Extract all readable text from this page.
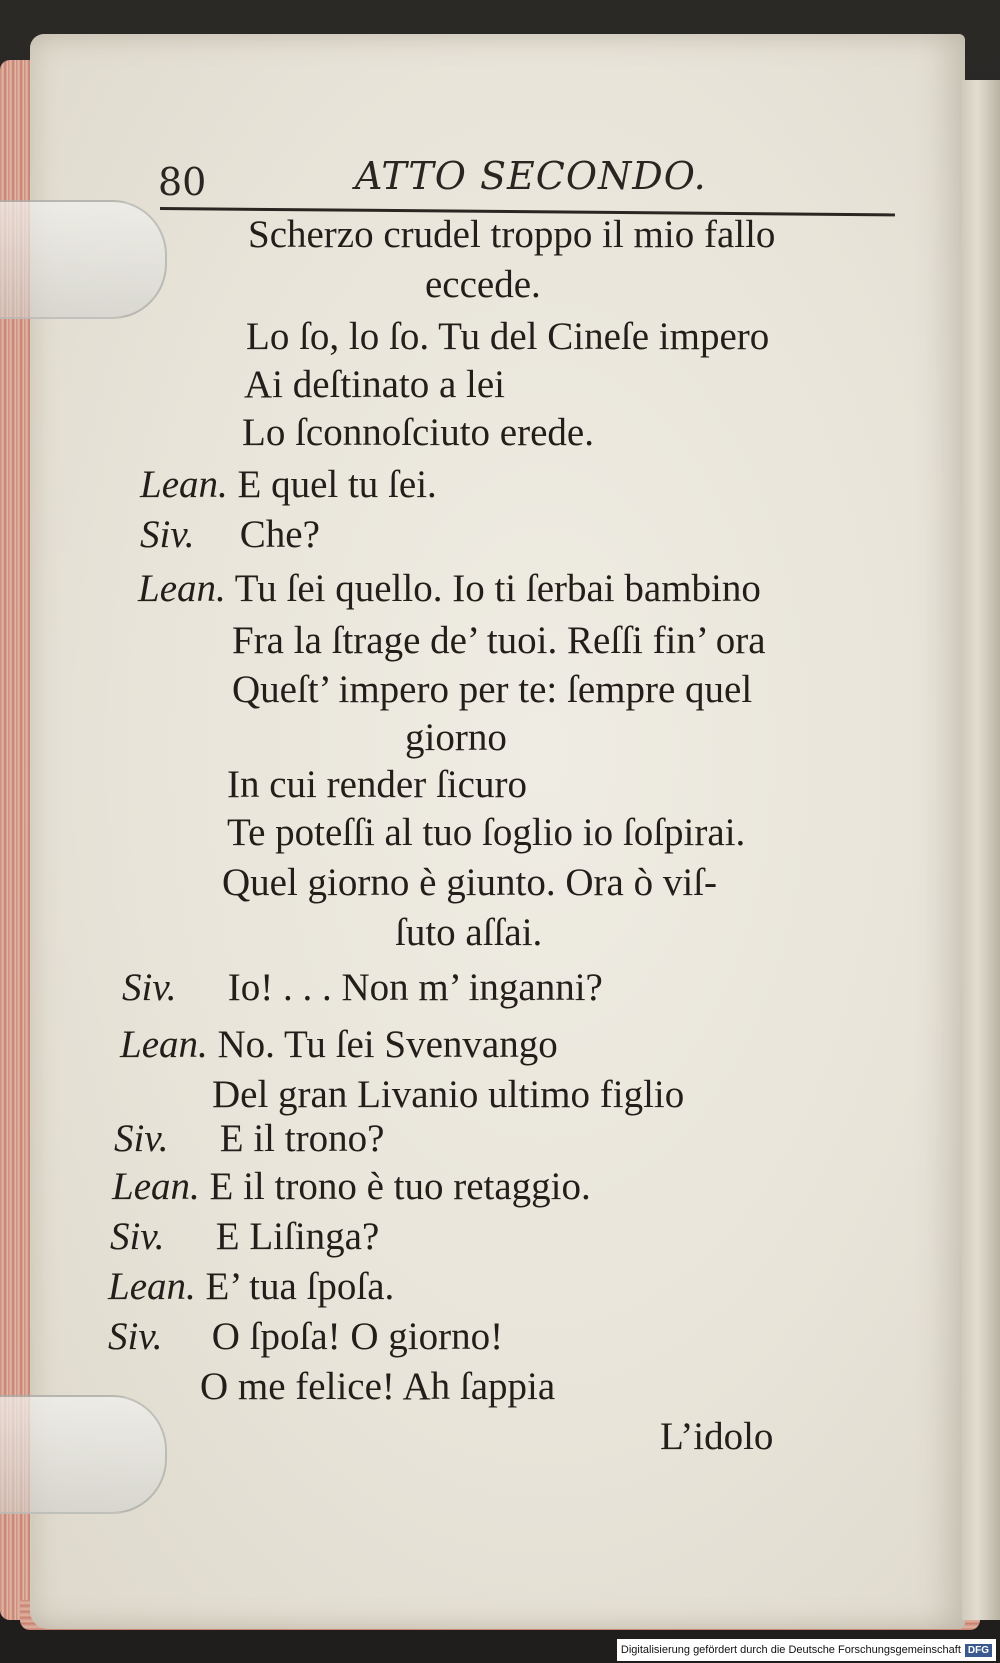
80	ATTO SECONDO.
Scherzo crudel troppo il mio fallo
eccede.
Lo ſo, lo ſo. Tu del Cineſe impero
Ai deſtinato a lei
Lo ſconnoſciuto erede.
Lean. E quel tu ſei.
Siv. Che?
Lean. Tu ſei quello. Io ti ſerbai bambino
Fra la ſtrage de’ tuoi. Reſſi fin’ ora
Queſt’ impero per te: ſempre quel
giorno
In cui render ſicuro
Te poteſſi al tuo ſoglio io ſoſpirai.
Quel giorno è giunto. Ora ò viſ-
ſuto aſſai.
Siv. Io! . . . Non m’ inganni?
Lean. No. Tu ſei Svenvango
Del gran Livanio ultimo figlio
Siv. E il trono?
Lean. E il trono è tuo retaggio.
Siv. E Liſinga?
Lean. E’ tua ſpoſa.
Siv. O ſpoſa! O giorno!
O me felice! Ah ſappia
L’idolo
Digitalisierung gefördert durch die Deutsche Forschungsgemeinschaft DFG
